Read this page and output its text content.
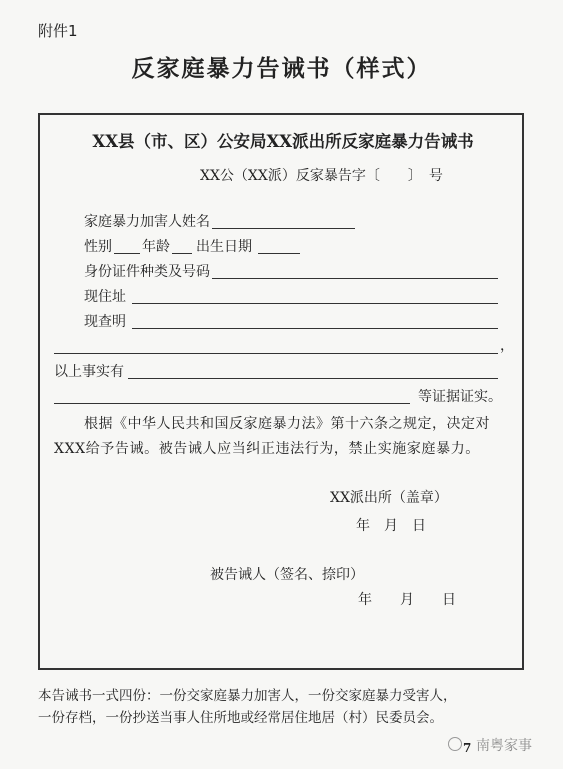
附件1
反家庭暴力告诫书（样式）
XX县（市、区）公安局XX派出所反家庭暴力告诫书
XX公（XX派）反家暴告字〔　　〕　号
家庭暴力加害人姓名
性别 年龄 出生日期
身份证件种类及号码
现住址
现查明
，
以上事实有
等证据证实。
根据《中华人民共和国反家庭暴力法》第十六条之规定，决定对
XXX给予告诫。被告诫人应当纠正违法行为，禁止实施家庭暴力。
XX派出所（盖章）
年　月　日
被告诫人（签名、捺印）
年　　月　　日
本告诫书一式四份：一份交家庭暴力加害人，一份交家庭暴力受害人，
一份存档，一份抄送当事人住所地或经常居住地居（村）民委员会。
7 南粤家事
